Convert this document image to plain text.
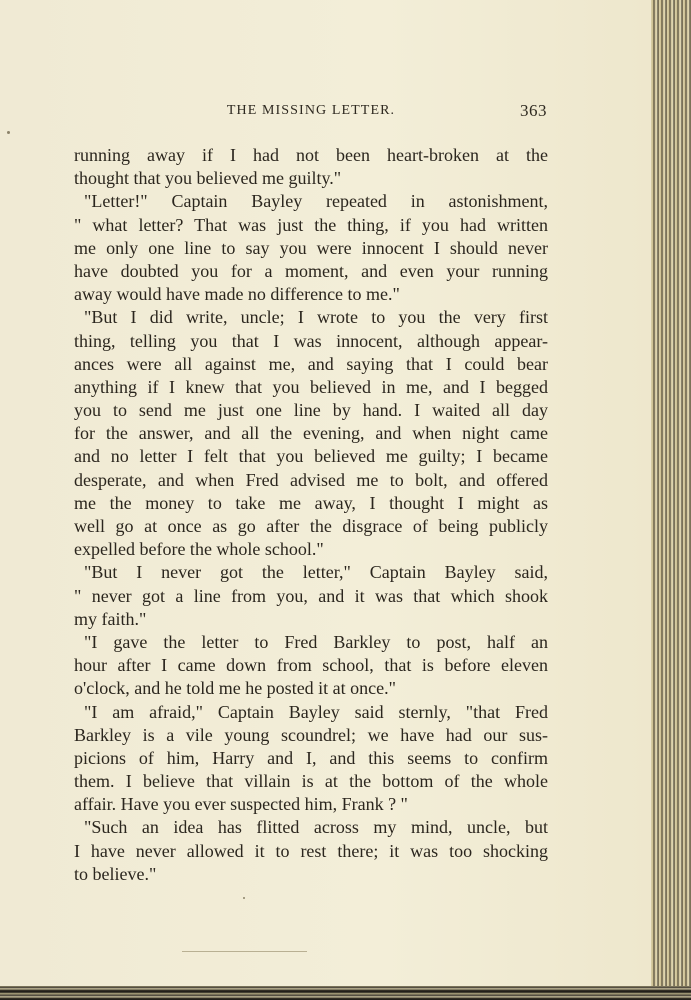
THE MISSING LETTER.	363
running away if I had not been heart-broken at the
thought that you believed me guilty."
"Letter!" Captain Bayley repeated in astonishment,
" what letter? That was just the thing, if you had written
me only one line to say you were innocent I should never
have doubted you for a moment, and even your running
away would have made no difference to me."
"But I did write, uncle; I wrote to you the very first
thing, telling you that I was innocent, although appear-
ances were all against me, and saying that I could bear
anything if I knew that you believed in me, and I begged
you to send me just one line by hand. I waited all day
for the answer, and all the evening, and when night came
and no letter I felt that you believed me guilty; I became
desperate, and when Fred advised me to bolt, and offered
me the money to take me away, I thought I might as
well go at once as go after the disgrace of being publicly
expelled before the whole school."
"But I never got the letter," Captain Bayley said,
" never got a line from you, and it was that which shook
my faith."
"I gave the letter to Fred Barkley to post, half an
hour after I came down from school, that is before eleven
o'clock, and he told me he posted it at once."
"I am afraid," Captain Bayley said sternly, "that Fred
Barkley is a vile young scoundrel; we have had our sus-
picions of him, Harry and I, and this seems to confirm
them. I believe that villain is at the bottom of the whole
affair. Have you ever suspected him, Frank ? "
"Such an idea has flitted across my mind, uncle, but
I have never allowed it to rest there; it was too shocking
to believe."
